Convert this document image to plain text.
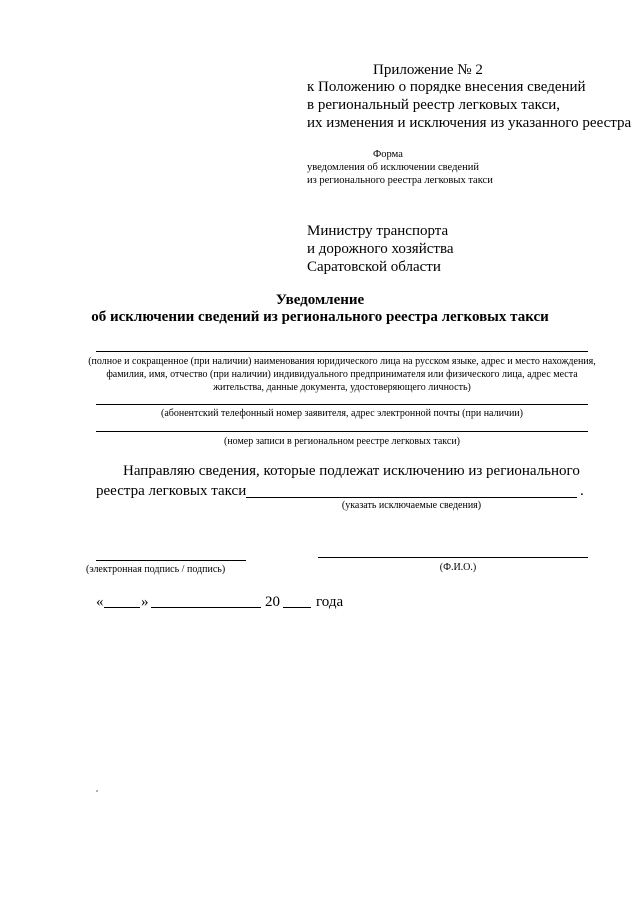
Приложение № 2
к Положению о порядке внесения сведений
в региональный реестр легковых такси,
их изменения и исключения из указанного реестра
Форма
уведомления об исключении сведений
из регионального реестра легковых такси
Министру транспорта
и дорожного хозяйства
Саратовской области
Уведомление
об исключении сведений из регионального реестра легковых такси
(полное и сокращенное (при наличии) наименования юридического лица на русском языке, адрес и место нахождения, фамилия, имя, отчество (при наличии) индивидуального предпринимателя или физического лица, адрес места жительства, данные документа, удостоверяющего личность)
(абонентский телефонный номер заявителя, адрес электронной почты (при наличии)
(номер записи в региональном реестре легковых такси)
Направляю сведения, которые подлежат исключению из регионального
реестра легковых такси	.
(указать исключаемые сведения)
(электронная подпись / подпись)	(Ф.И.О.)
«	»	20 года
